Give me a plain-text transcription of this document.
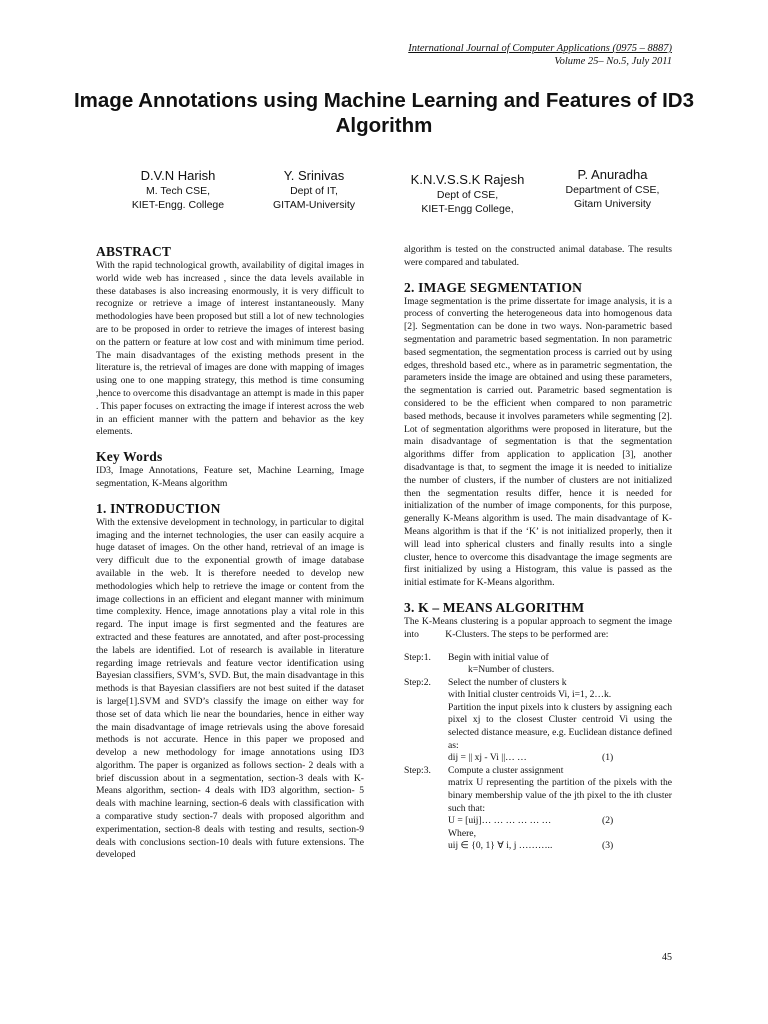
International Journal of Computer Applications (0975 – 8887)
Volume 25– No.5, July 2011
Image Annotations using Machine Learning and Features of ID3 Algorithm
D.V.N Harish
M. Tech CSE,
KIET-Engg. College
Y. Srinivas
Dept of IT,
GITAM-University
K.N.V.S.S.K Rajesh
Dept of CSE,
KIET-Engg College,
P. Anuradha
Department of CSE,
Gitam University
ABSTRACT

With the rapid technological growth, availability of digital images in world wide web has increased , since the data levels available in these databases is also increasing enormously, it is very difficult to recognize or retrieve a image of interest instantaneously. Many methodologies have been proposed but still a lot of new technologies are to be proposed in order to retrieve the images of interest basing on the pattern or feature at low cost and with minimum time period. The main disadvantages of the existing methods present in the literature is, the retrieval of images are done with mapping of images using one to one mapping strategy, this method is time consuming ,hence to overcome this disadvantage an attempt is made in this paper . This paper focuses on extracting the image if interest across the web in an efficient manner with the pattern and behavior as the key elements.

Key Words

ID3, Image Annotations, Feature set, Machine Learning, Image segmentation, K-Means algorithm

1. INTRODUCTION

With the extensive development in technology, in particular to digital imaging and the internet technologies, the user can easily acquire a huge dataset of images. On the other hand, retrieval of an image is very difficult due to the exponential growth of image database available in the web. It is therefore needed to develop new methodologies which help to retrieve the image or content from the image collections in an efficient and elegant manner with minimum time complexity. Hence, image annotations play a vital role in this regard. The input image is first segmented and the features are extracted and these features are annotated, and after post-processing the labels are identified. Lot of research is available in literature regarding image retrievals and feature vector identification using Bayesian classifiers, SVM’s, SVD. But, the main disadvantage in this methods is that Bayesian classifiers are not best suited if the dataset is large[1].SVM and SVD’s classify the image on either way for those set of data which lie near the boundaries, hence in either way the main disadvantage of image retrievals using the above foresaid methods is not accurate. Hence in this paper we proposed and develop a new methodology for image annotations using ID3 algorithm. The paper is organized as follows section- 2 deals with a brief discussion about in a segmentation, section-3 deals with K-Means algorithm, section- 4 deals with ID3 algorithm, section- 5 deals with machine learning, section-6 deals with classification with a comparative study section-7 deals with proposed algorithm and experimentation, section-8 deals with testing and results, section-9 deals with conclusions section-10 deals with future extensions. The developed

algorithm is tested on the constructed animal database. The results were compared and tabulated.

2. IMAGE SEGMENTATION

Image segmentation is the prime dissertate for image analysis, it is a process of converting the heterogeneous data into homogenous data [2]. Segmentation can be done in two ways. Non-parametric based segmentation and parametric based segmentation. In non parametric based segmentation, the segmentation process is carried out by using edges, threshold based etc., where as in parametric segmentation, the parameters inside the image are obtained and using these parameters, the segmentation is carried out. Parametric based segmentation is considered to be the efficient when compared to non parametric based methods, because it involves parameters while segmenting [2]. Lot of segmentation algorithms were proposed in literature, but the main disadvantage of segmentation is that the segmentation algorithms differ from application to application [3], another disadvantage is that, to segment the image it is needed to initialize the number of clusters, if the number of clusters are not initialized then the segmentation results differ, hence it is needed for initialization of the number of image components, for this purpose, generally K-Means algorithm is used. The main disadvantage of K-Means algorithm is that if the ‘K’ is not initialized properly, then it will lead into spherical clusters and finally results into a single cluster, hence to overcome this disadvantage the image segments are first initialized by using a Histogram, this value is passed as the initial estimate for K-Means algorithm.

3. K – MEANS ALGORITHM

The K-Means clustering is a popular approach to segment the image into           K-Clusters. The steps to be performed are:

Step:1.	Begin with initial value of
k=Number of clusters.
Step:2.	Select the number of clusters k
with Initial cluster centroids Vi, i=1, 2…k.
Partition the input pixels into k clusters by assigning each pixel xj to the closest Cluster centroid Vi using the selected distance measure, e.g. Euclidean distance defined as:
dij = || xj - Vi ||… …	(1)
Step:3.	Compute a cluster assignment
matrix U representing the partition of the pixels with the binary membership value of the jth pixel to the ith cluster such that:
U = [uij]… … … … … …	(2)
Where,
uij ∈ {0, 1} ∀ i, j ………..	(3)
45
